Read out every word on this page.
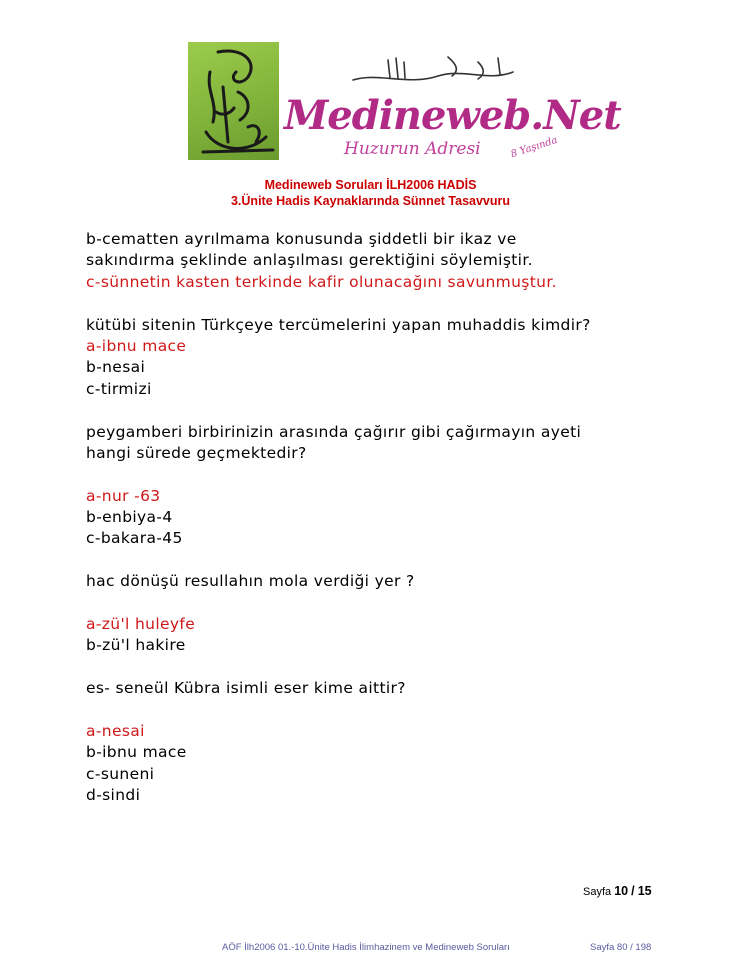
Medineweb.Net
Huzurun Adresi	8 Yaşında
Medineweb Soruları İLH2006 HADİS
3.Ünite Hadis Kaynaklarında Sünnet Tasavvuru
b-cematten ayrılmama konusunda şiddetli bir ikaz ve
sakındırma şeklinde anlaşılması gerektiğini söylemiştir.
c-sünnetin kasten terkinde kafir olunacağını savunmuştur.
kütübi sitenin Türkçeye tercümelerini yapan muhaddis kimdir?
a-ibnu mace
b-nesai
c-tirmizi
peygamberi birbirinizin arasında çağırır gibi çağırmayın ayeti
hangi sürede geçmektedir?
a-nur -63
b-enbiya-4
c-bakara-45
hac dönüşü resullahın mola verdiği yer ?
a-zü'l huleyfe
b-zü'l hakire
es- seneül Kübra isimli eser kime aittir?
a-nesai
b-ibnu mace
c-suneni
d-sindi
Sayfa 10 / 15
AÖF İlh2006 01.-10.Ünite Hadis İlimhazinem ve Medineweb Soruları	Sayfa 80 / 198
